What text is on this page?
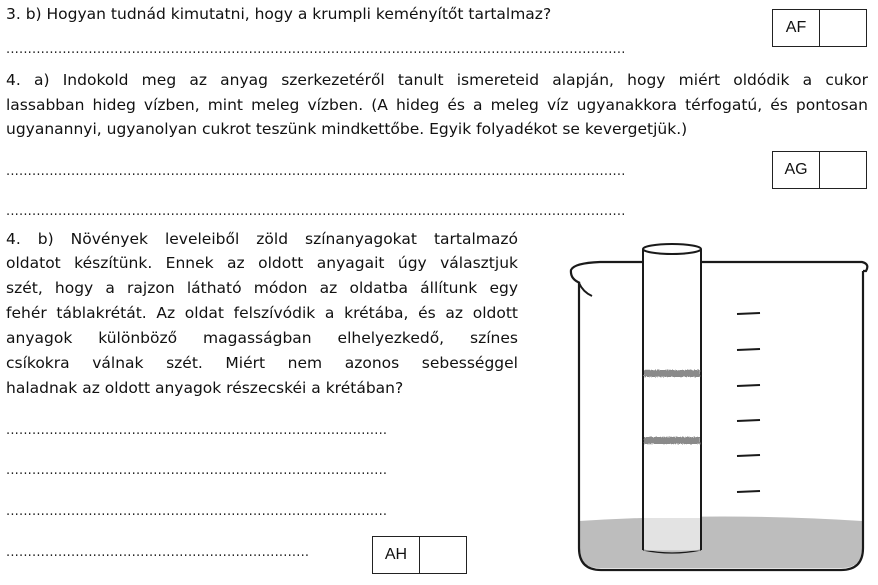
3. b) Hogyan tudnád kimutatni, hogy a krumpli keményítőt tartalmaz?
...............................................................................................................................................
AF
4. a) Indokold meg az anyag szerkezetéről tanult ismereteid alapján, hogy miért oldódik a cukor
lassabban hideg vízben, mint meleg vízben. (A hideg és a meleg víz ugyanakkora térfogatú, és pontosan
ugyanannyi, ugyanolyan cukrot teszünk mindkettőbe. Egyik folyadékot se kevergetjük.)
...............................................................................................................................................	AG
...............................................................................................................................................
4. b) Növények leveleiből zöld színanyagokat tartalmazó
oldatot készítünk. Ennek az oldott anyagait úgy választjuk
szét, hogy a rajzon látható módon az oldatba állítunk egy
fehér táblakrétát. Az oldat felszívódik a krétába, és az oldott
anyagok különböző magasságban elhelyezkedő, színes
csíkokra válnak szét. Miért nem azonos sebességgel
haladnak az oldott anyagok részecskéi a krétában?
........................................................................................
........................................................................................
........................................................................................
......................................................................	AH
